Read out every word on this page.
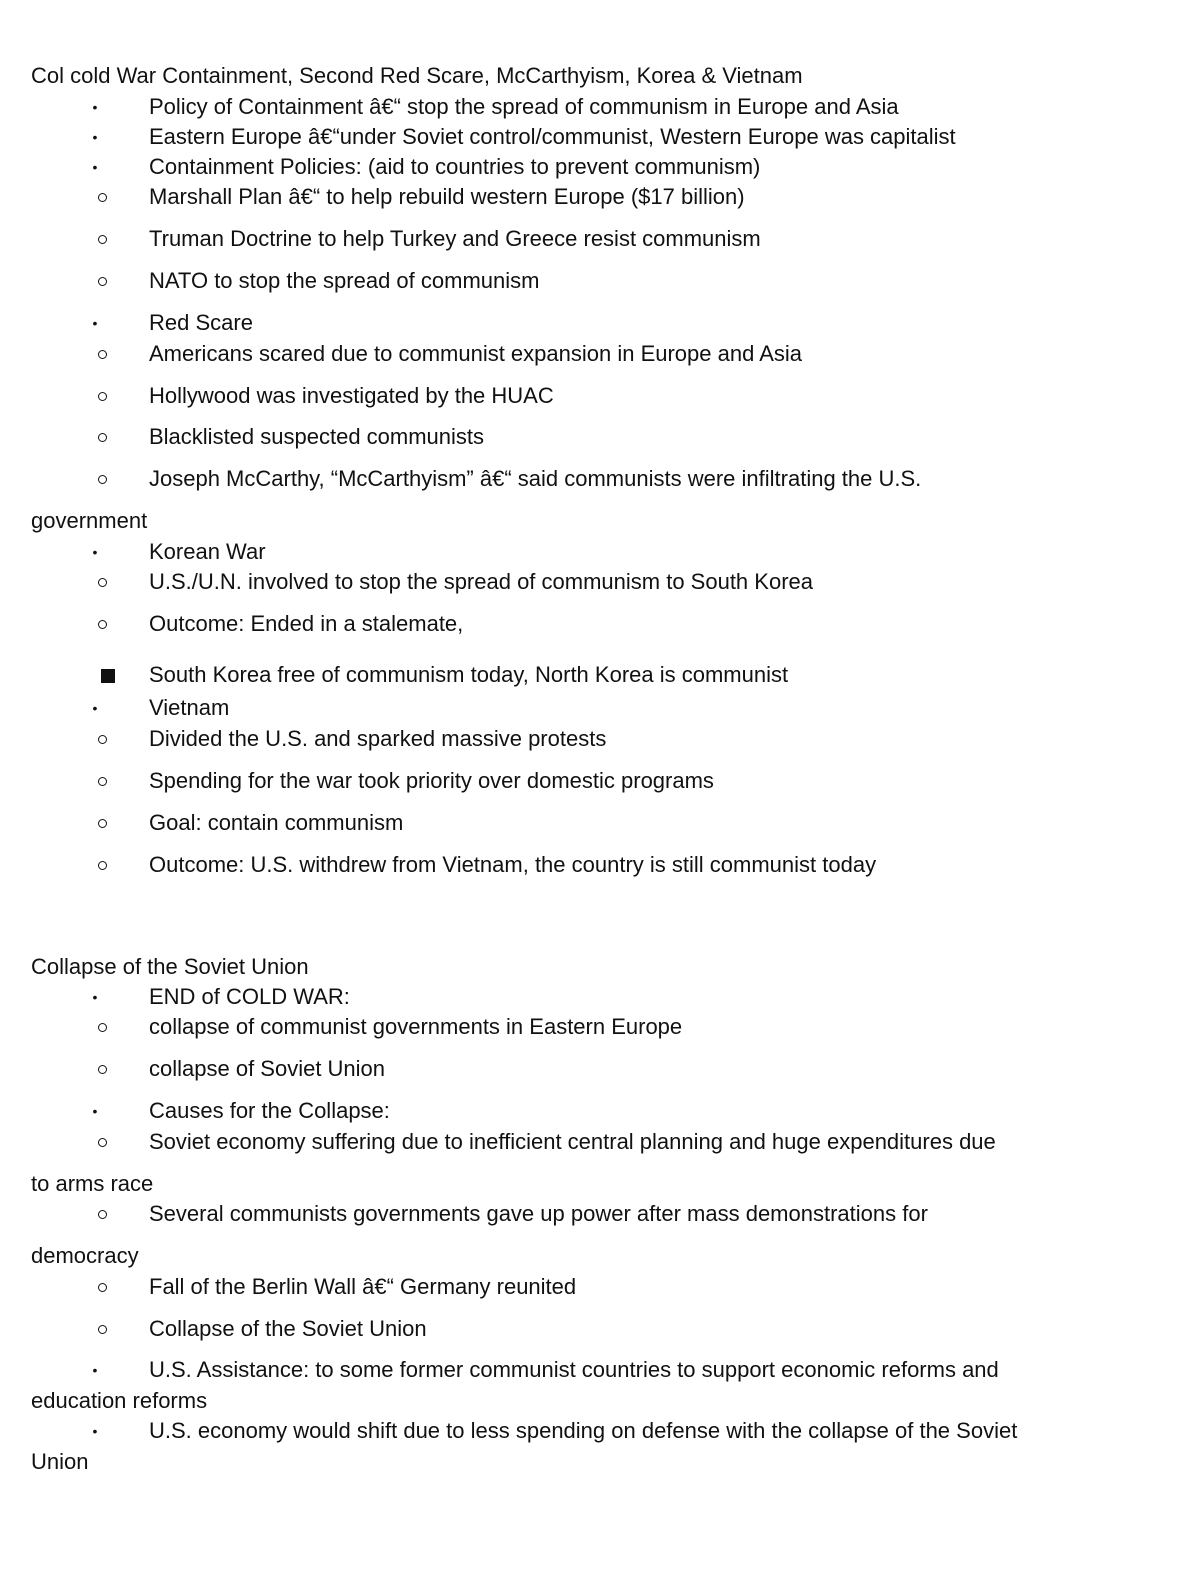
Col cold War Containment, Second Red Scare, McCarthyism, Korea & Vietnam
•
Policy of Containment â€“ stop the spread of communism in Europe and Asia
•
Eastern Europe â€“under Soviet control/communist, Western Europe was capitalist
•
Containment Policies: (aid to countries to prevent communism)
Marshall Plan â€“ to help rebuild western Europe ($17 billion)
Truman Doctrine to help Turkey and Greece resist communism
NATO to stop the spread of communism
•
Red Scare
Americans scared due to communist expansion in Europe and Asia
Hollywood was investigated by the HUAC
Blacklisted suspected communists
Joseph McCarthy, “McCarthyism” â€“ said communists were infiltrating the U.S.
government
•
Korean War
U.S./U.N. involved to stop the spread of communism to South Korea
Outcome: Ended in a stalemate,
South Korea free of communism today, North Korea is communist
•
Vietnam
Divided the U.S. and sparked massive protests
Spending for the war took priority over domestic programs
Goal: contain communism
Outcome: U.S. withdrew from Vietnam, the country is still communist today
Collapse of the Soviet Union
•
END of COLD WAR:
collapse of communist governments in Eastern Europe
collapse of Soviet Union
•
Causes for the Collapse:
Soviet economy suffering due to inefficient central planning and huge expenditures due
to arms race
Several communists governments gave up power after mass demonstrations for
democracy
Fall of the Berlin Wall â€“ Germany reunited
Collapse of the Soviet Union
•
U.S. Assistance: to some former communist countries to support economic reforms and
education reforms
•
U.S. economy would shift due to less spending on defense with the collapse of the Soviet
Union
